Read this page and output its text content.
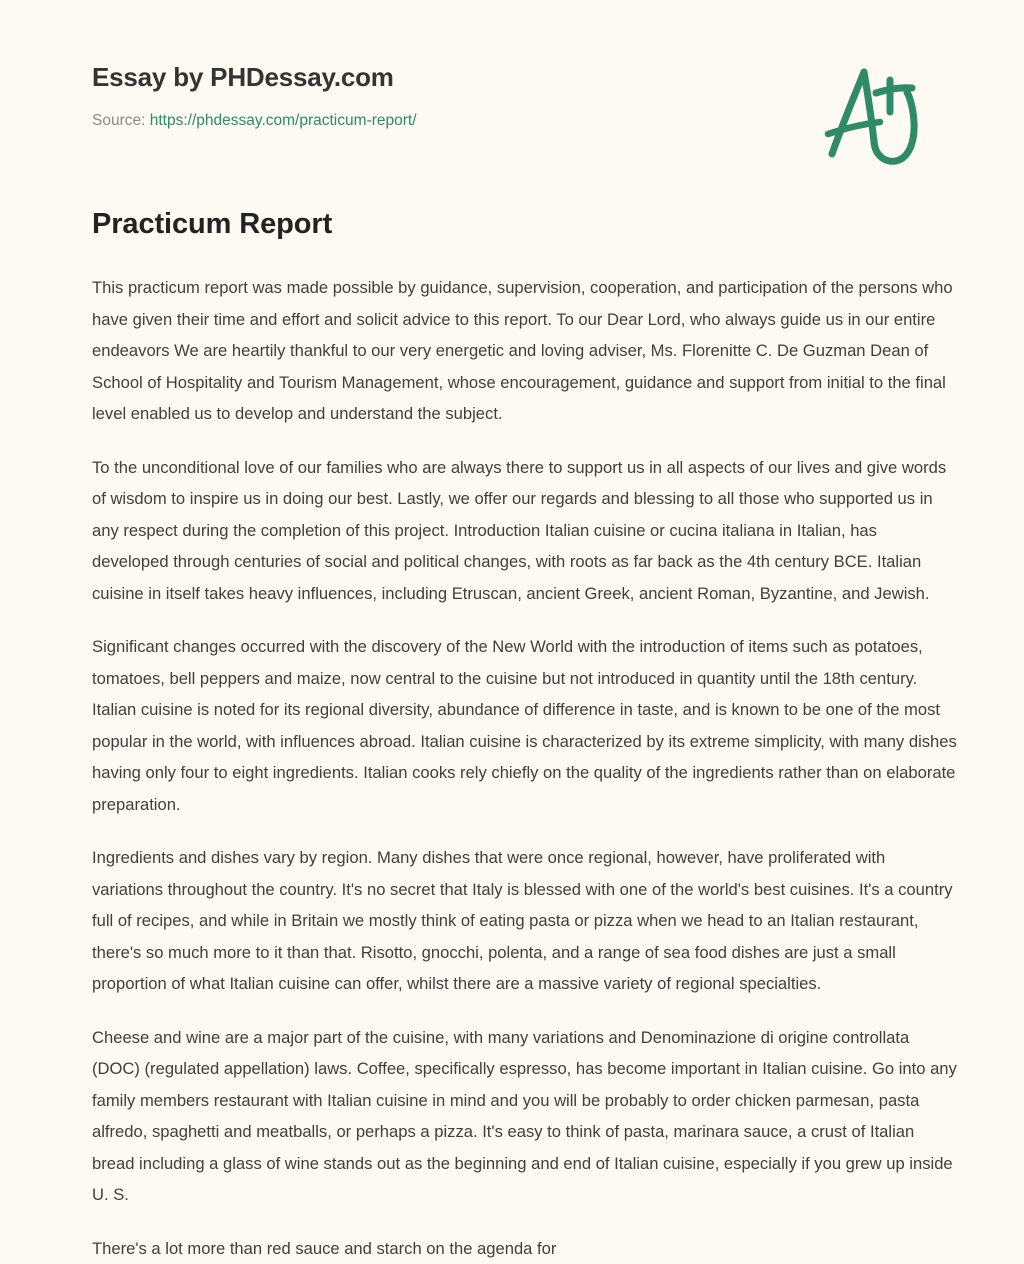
Essay by PHDessay.com
Source: https://phdessay.com/practicum-report/
Practicum Report

This practicum report was made possible by guidance, supervision, cooperation, and participation of the persons who have given their time and effort and solicit advice to this report. To our Dear Lord, who always guide us in our entire endeavors We are heartily thankful to our very energetic and loving adviser, Ms. Florenitte C. De Guzman Dean of School of Hospitality and Tourism Management, whose encouragement, guidance and support from initial to the final level enabled us to develop and understand the subject.

To the unconditional love of our families who are always there to support us in all aspects of our lives and give words of wisdom to inspire us in doing our best. Lastly, we offer our regards and blessing to all those who supported us in any respect during the completion of this project. Introduction Italian cuisine or cucina italiana in Italian, has developed through centuries of social and political changes, with roots as far back as the 4th century BCE. Italian cuisine in itself takes heavy influences, including Etruscan, ancient Greek, ancient Roman, Byzantine, and Jewish.

Significant changes occurred with the discovery of the New World with the introduction of items such as potatoes, tomatoes, bell peppers and maize, now central to the cuisine but not introduced in quantity until the 18th century. Italian cuisine is noted for its regional diversity, abundance of difference in taste, and is known to be one of the most popular in the world, with influences abroad. Italian cuisine is characterized by its extreme simplicity, with many dishes having only four to eight ingredients. Italian cooks rely chiefly on the quality of the ingredients rather than on elaborate preparation.

Ingredients and dishes vary by region. Many dishes that were once regional, however, have proliferated with variations throughout the country. It's no secret that Italy is blessed with one of the world's best cuisines. It's a country full of recipes, and while in Britain we mostly think of eating pasta or pizza when we head to an Italian restaurant, there's so much more to it than that. Risotto, gnocchi, polenta, and a range of sea food dishes are just a small proportion of what Italian cuisine can offer, whilst there are a massive variety of regional specialties.

Cheese and wine are a major part of the cuisine, with many variations and Denominazione di origine controllata (DOC) (regulated appellation) laws. Coffee, specifically espresso, has become important in Italian cuisine. Go into any family members restaurant with Italian cuisine in mind and you will be probably to order chicken parmesan, pasta alfredo, spaghetti and meatballs, or perhaps a pizza. It's easy to think of pasta, marinara sauce, a crust of Italian bread including a glass of wine stands out as the beginning and end of Italian cuisine, especially if you grew up inside U. S.

There's a lot more than red sauce and starch on the agenda for
